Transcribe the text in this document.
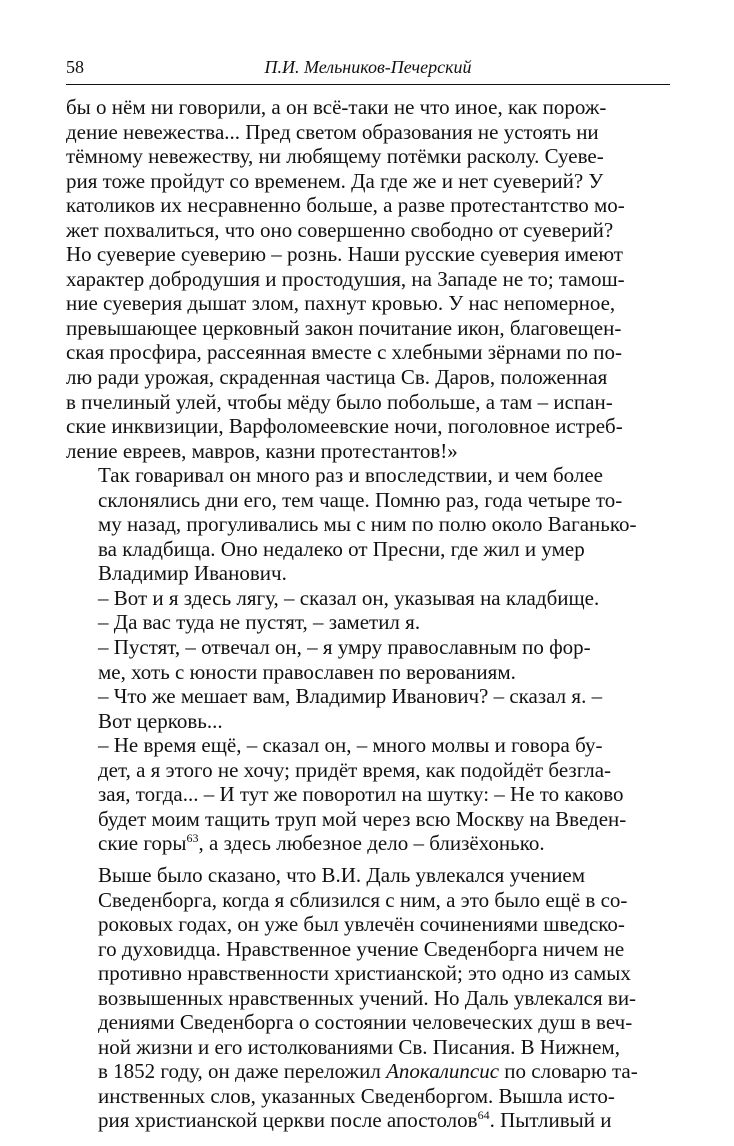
58	П.И. Мельников-Печерский

бы о нём ни говорили, а он всё-таки не что иное, как порож-
дение невежества... Пред светом образования не устоять ни
тёмному невежеству, ни любящему потёмки расколу. Суеве-
рия тоже пройдут со временем. Да где же и нет суеверий? У
католиков их несравненно больше, а разве протестантство мо-
жет похвалиться, что оно совершенно свободно от суеверий?
Но суеверие суеверию – рознь. Наши русские суеверия имеют
характер добродушия и простодушия, на Западе не то; тамош-
ние суеверия дышат злом, пахнут кровью. У нас непомерное,
превышающее церковный закон почитание икон, благовещен-
ская просфира, рассеянная вместе с хлебными зёрнами по по-
лю ради урожая, скраденная частица Св. Даров, положенная
в пчелиный улей, чтобы мёду было побольше, а там – испан-
ские инквизиции, Варфоломеевские ночи, поголовное истреб-
ление евреев, мавров, казни протестантов!»

Так говаривал он много раз и впоследствии, и чем более
склонялись дни его, тем чаще. Помню раз, года четыре то-
му назад, прогуливались мы с ним по полю около Ваганько-
ва кладбища. Оно недалеко от Пресни, где жил и умер
Владимир Иванович.

– Вот и я здесь лягу, – сказал он, указывая на кладбище.

– Да вас туда не пустят, – заметил я.

– Пустят, – отвечал он, – я умру православным по фор-
ме, хоть с юности православен по верованиям.

– Что же мешает вам, Владимир Иванович? – сказал я. –
Вот церковь...

– Не время ещё, – сказал он, – много молвы и говора бу-
дет, а я этого не хочу; придёт время, как подойдёт безгла-
зая, тогда... – И тут же поворотил на шутку: – Не то каково
будет моим тащить труп мой через всю Москву на Введен-
ские горы$^{63}$, а здесь любезное дело – близёхонько.

Выше было сказано, что В.И. Даль увлекался учением
Сведенборга, когда я сблизился с ним, а это было ещё в со-
роковых годах, он уже был увлечён сочинениями шведско-
го духовидца. Нравственное учение Сведенборга ничем не
противно нравственности христианской; это одно из самых
возвышенных нравственных учений. Но Даль увлекался ви-
дениями Сведенборга о состоянии человеческих душ в веч-
ной жизни и его истолкованиями Св. Писания. В Нижнем,
в 1852 году, он даже переложил Апокалипсис по словарю та-
инственных слов, указанных Сведенборгом. Вышла исто-
рия христианской церкви после апостолов$^{64}$. Пытливый и
